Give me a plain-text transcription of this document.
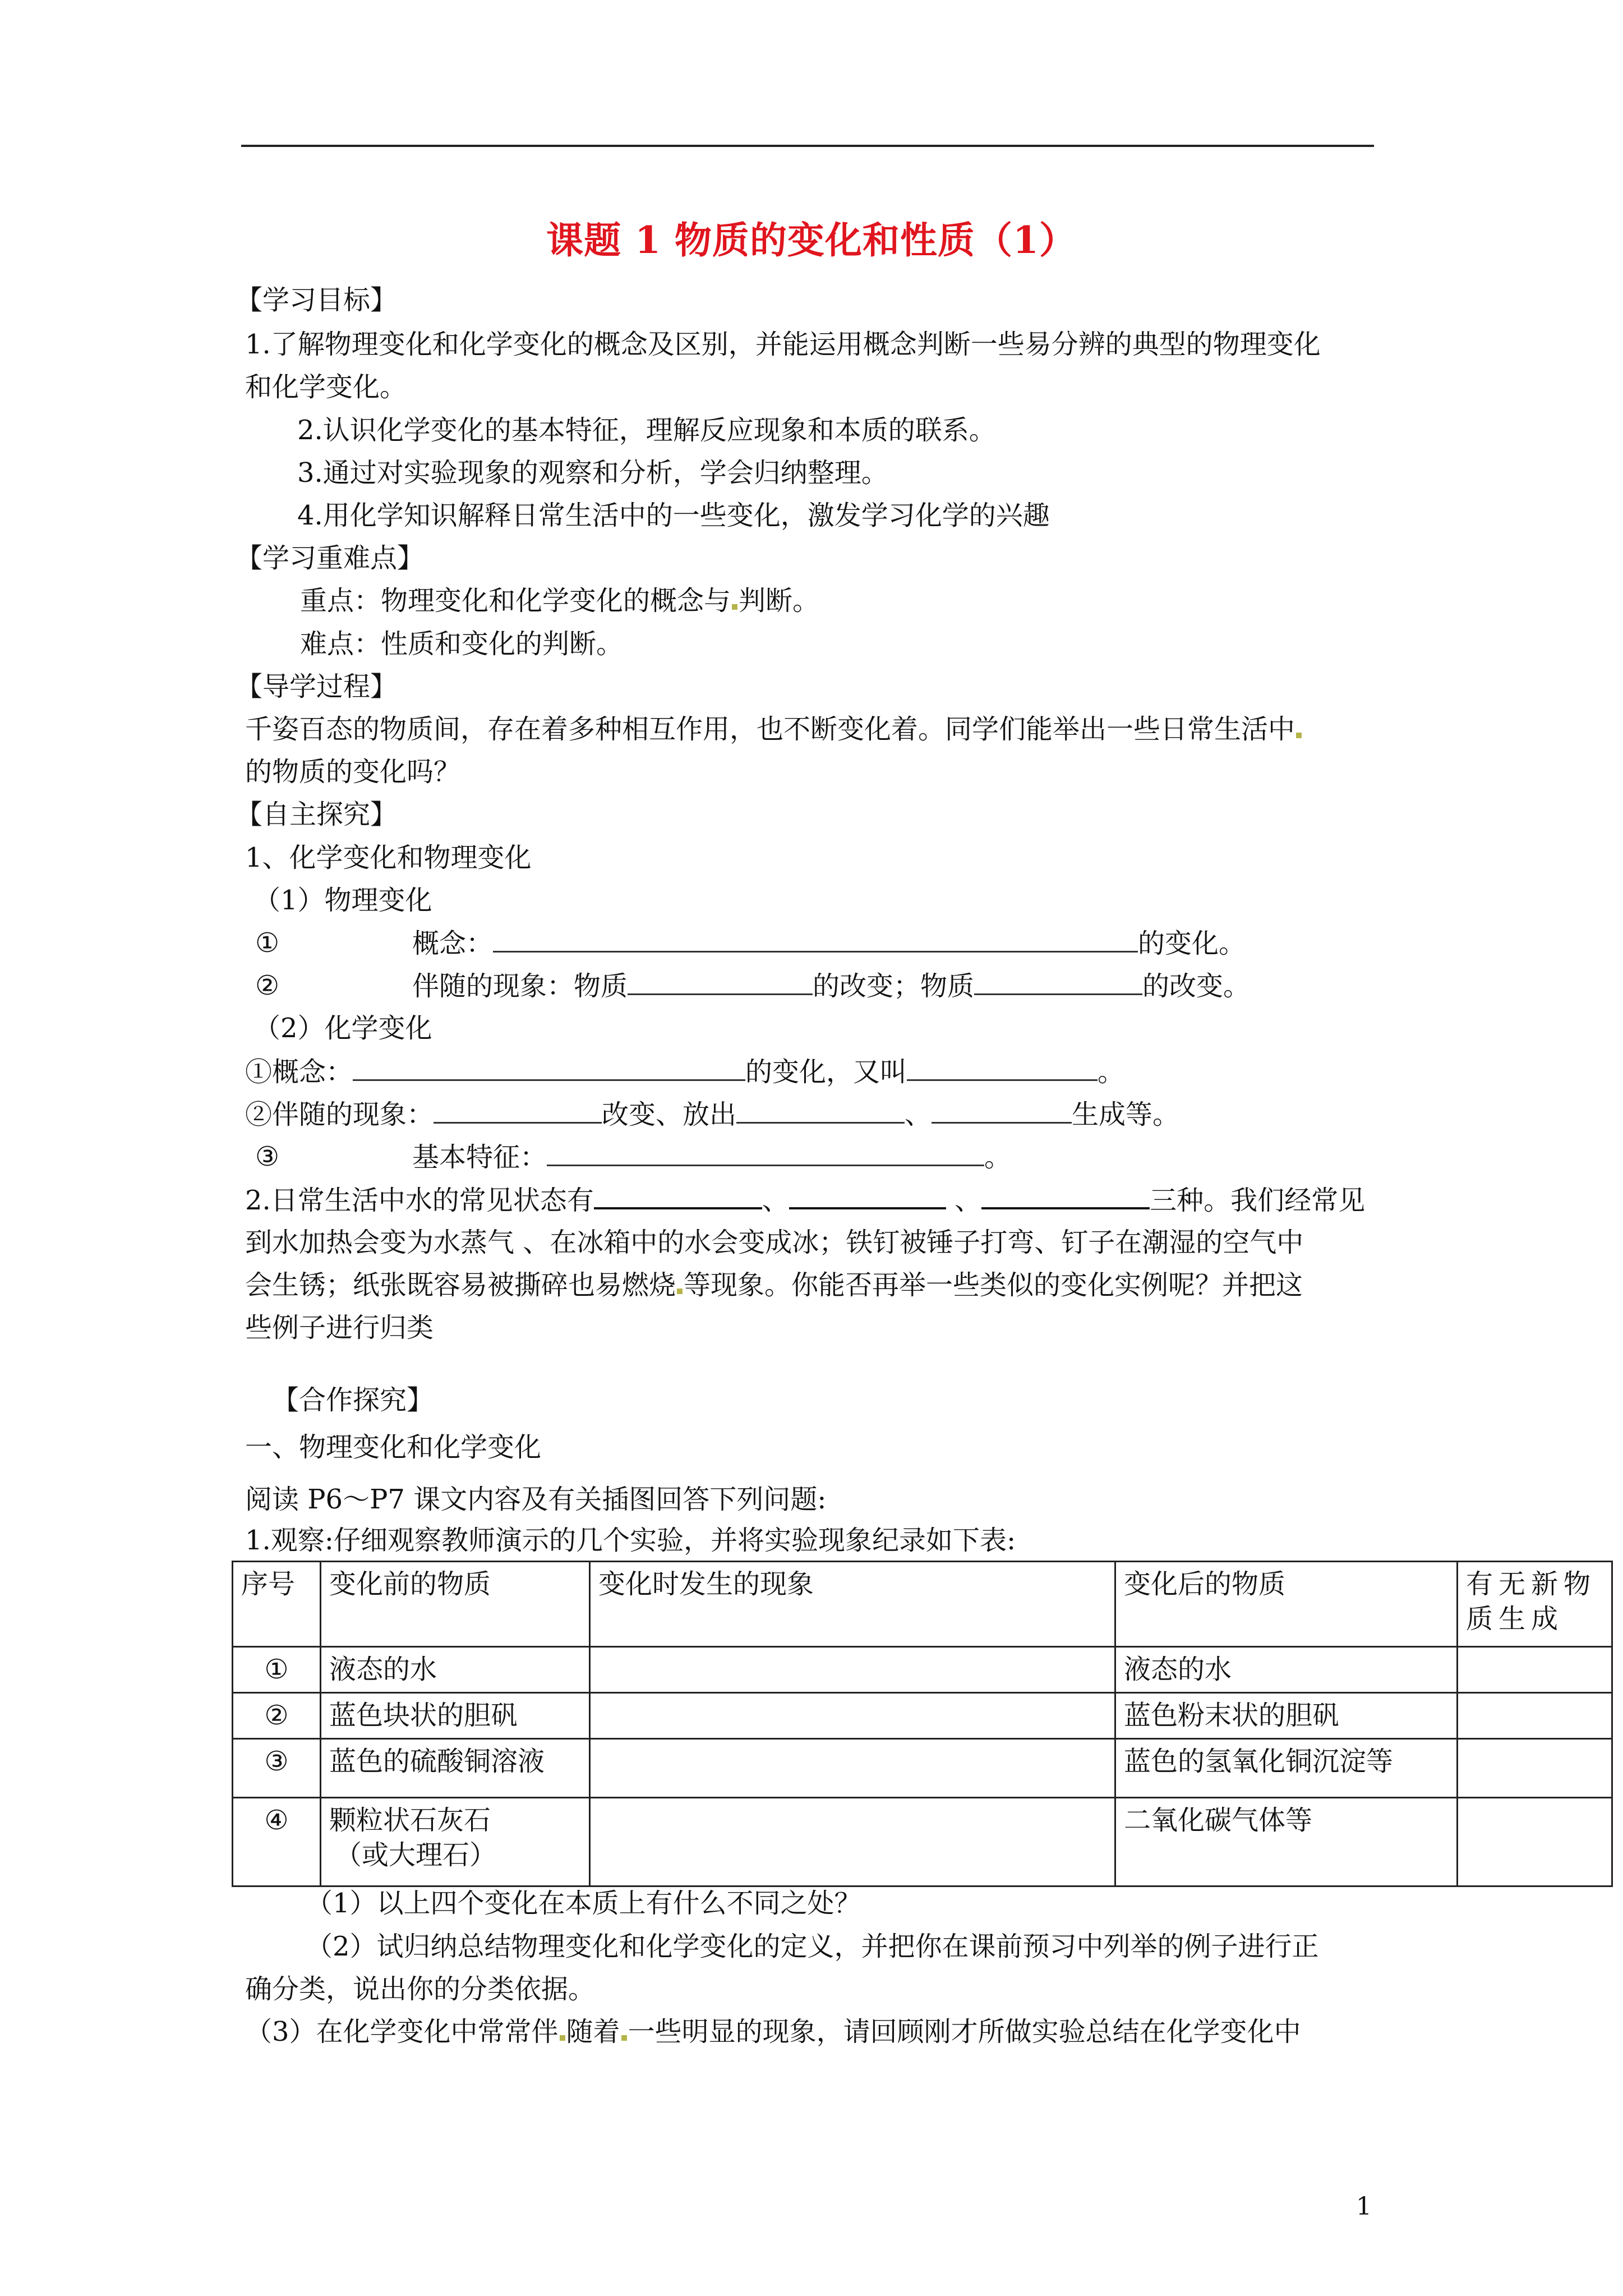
课题 1 物质的变化和性质（1）
【学习目标】
1.了解物理变化和化学变化的概念及区别，并能运用概念判断一些易分辨的典型的物理变化
和化学变化。
2.认识化学变化的基本特征，理解反应现象和本质的联系。
3.通过对实验现象的观察和分析，学会归纳整理。
4.用化学知识解释日常生活中的一些变化，激发学习化学的兴趣
【学习重难点】
重点：物理变化和化学变化的概念与 判断。
难点：性质和变化的判断。
【导学过程】
千姿百态的物质间，存在着多种相互作用，也不断变化着。同学们能举出一些日常生活中
的物质的变化吗？
【自主探究】
1、化学变化和物理变化
（1）物理变化
①	概念：	的变化。
②	伴随的现象：物质	的改变；物质	的改变。
（2）化学变化
①概念：	的变化，又叫	。
②伴随的现象：	改变、放出	、	生成等。
③	基本特征：	。
2.日常生活中水的常见状态有	、	、	三种。我们经常见
到水加热会变为水蒸气 、在冰箱中的水会变成冰；铁钉被锤子打弯、钉子在潮湿的空气中
会生锈；纸张既容易被撕碎也易燃烧 等现象。你能否再举一些类似的变化实例呢？并把这
些例子进行归类
【合作探究】
一、物理变化和化学变化
阅读 P6～P7 课文内容及有关插图回答下列问题:
1.观察:仔细观察教师演示的几个实验，并将实验现象纪录如下表:
序号	变化前的物质	变化时发生的现象	变化后的物质	有无新物质生成
①	液态的水		液态的水	
②	蓝色块状的胆矾		蓝色粉末状的胆矾	
③	蓝色的硫酸铜溶液		蓝色的氢氧化铜沉淀等	
④	颗粒状石灰石
（或大理石）		二氧化碳气体等	
（1）以上四个变化在本质上有什么不同之处？
（2）试归纳总结物理变化和化学变化的定义，并把你在课前预习中列举的例子进行正
确分类，说出你的分类依据。
（3）在化学变化中常常伴 随着 一些明显的现象，请回顾刚才所做实验总结在化学变化中
1
